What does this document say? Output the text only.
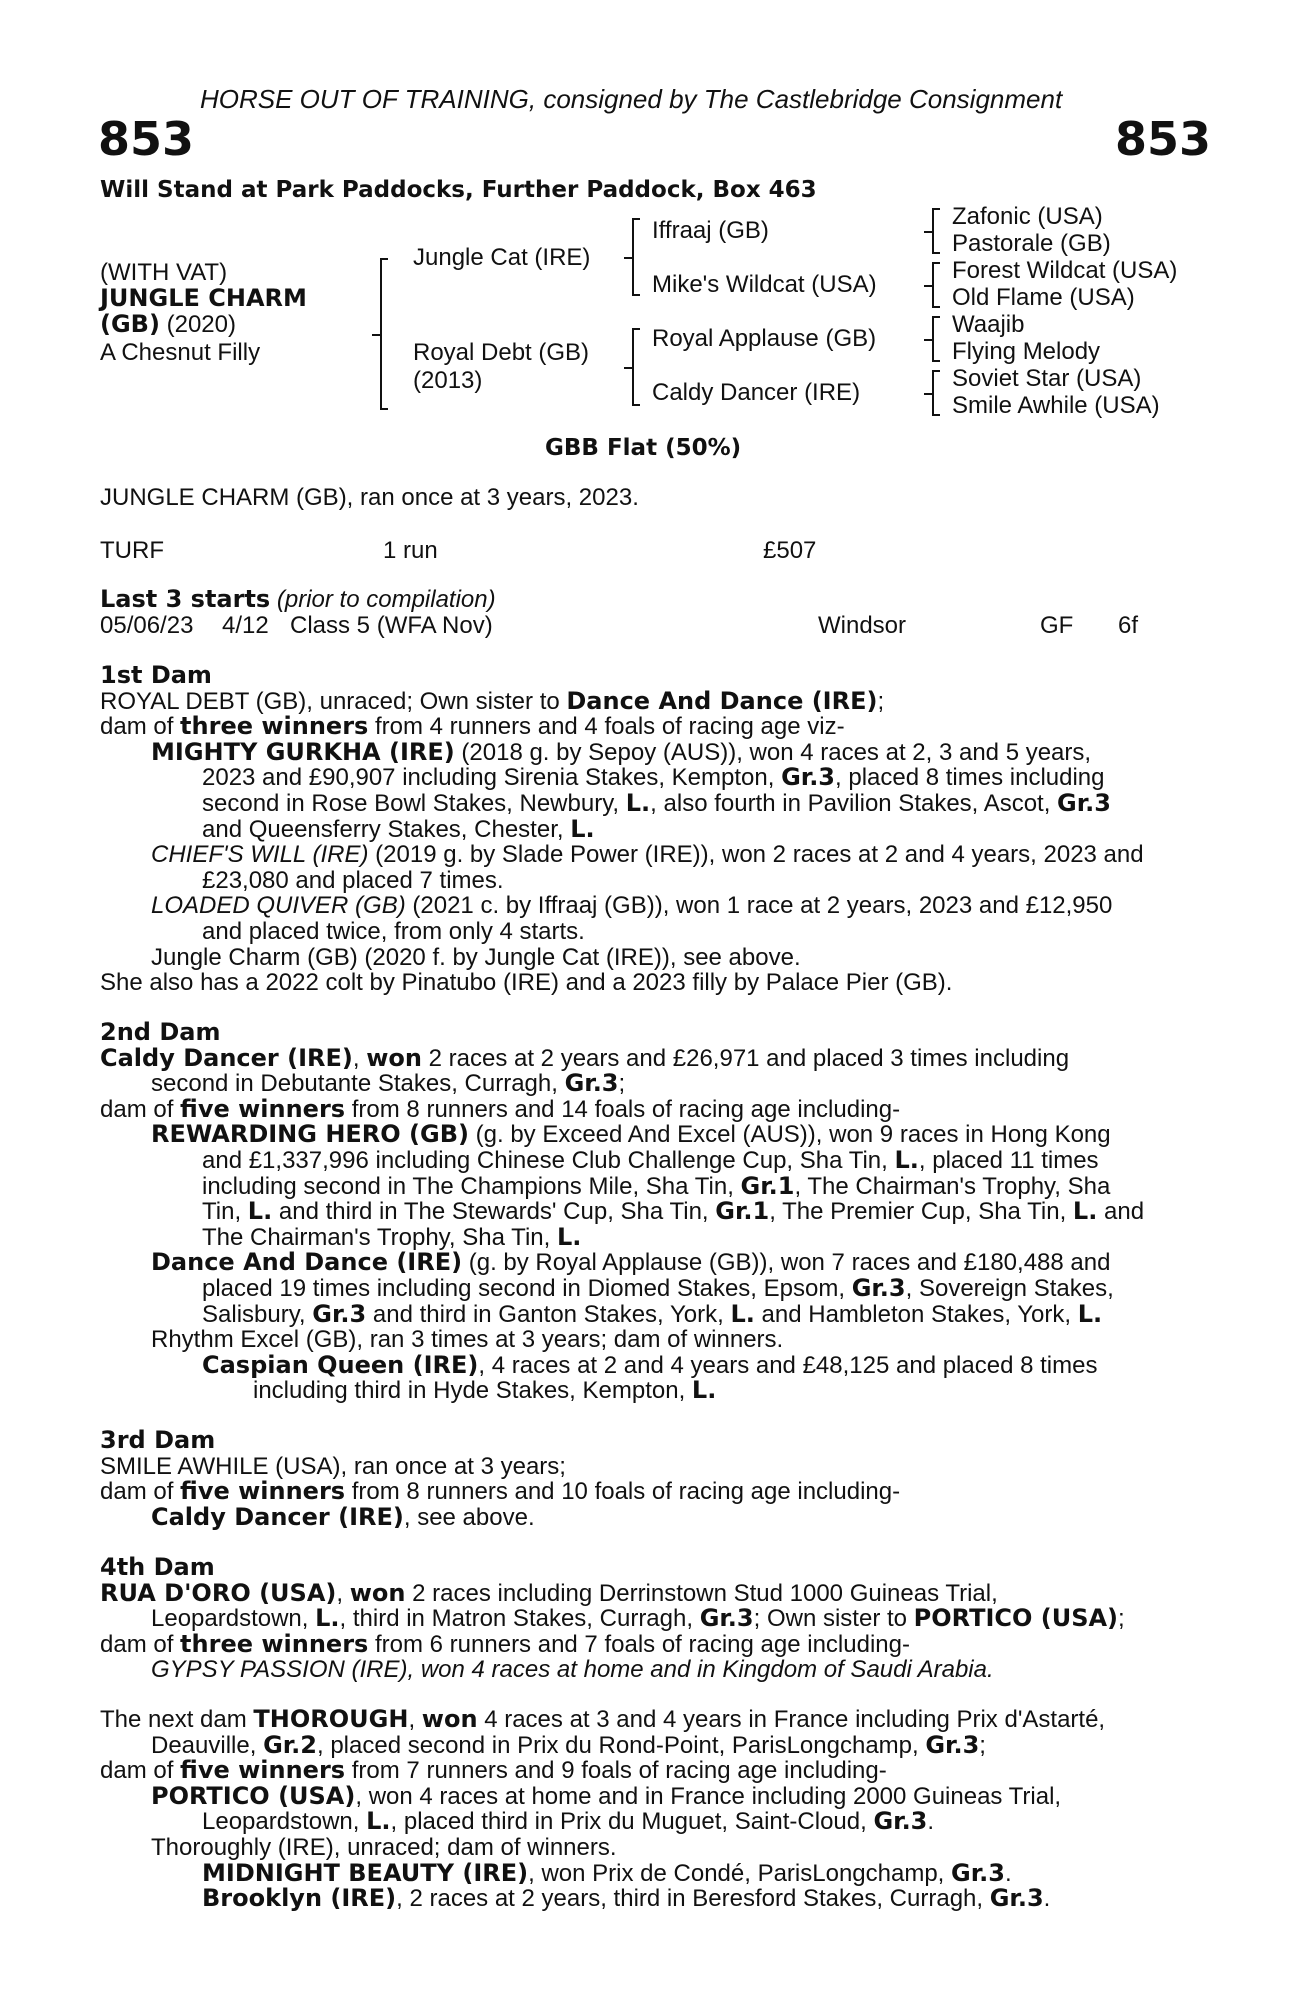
HORSE OUT OF TRAINING, consigned by The Castlebridge Consignment
853	853
Will Stand at Park Paddocks, Further Paddock, Box 463
(WITH VAT)
JUNGLE CHARM
(GB) (2020)
A Chesnut Filly
Jungle Cat (IRE)
Royal Debt (GB)
(2013)
Iffraaj (GB)
Mike's Wildcat (USA)
Royal Applause (GB)
Caldy Dancer (IRE)
Zafonic (USA)
Pastorale (GB)
Forest Wildcat (USA)
Old Flame (USA)
Waajib
Flying Melody
Soviet Star (USA)
Smile Awhile (USA)
GBB Flat (50%)
JUNGLE CHARM (GB), ran once at 3 years, 2023.
TURF	1 run	£507
Last 3 starts (prior to compilation)
05/06/23 4/12 Class 5 (WFA Nov)	Windsor	GF 6f
1st Dam
ROYAL DEBT (GB), unraced; Own sister to Dance And Dance (IRE);
dam of three winners from 4 runners and 4 foals of racing age viz-
MIGHTY GURKHA (IRE) (2018 g. by Sepoy (AUS)), won 4 races at 2, 3 and 5 years,
2023 and £90,907 including Sirenia Stakes, Kempton, Gr.3, placed 8 times including
second in Rose Bowl Stakes, Newbury, L., also fourth in Pavilion Stakes, Ascot, Gr.3
and Queensferry Stakes, Chester, L.
CHIEF'S WILL (IRE) (2019 g. by Slade Power (IRE)), won 2 races at 2 and 4 years, 2023 and
£23,080 and placed 7 times.
LOADED QUIVER (GB) (2021 c. by Iffraaj (GB)), won 1 race at 2 years, 2023 and £12,950
and placed twice, from only 4 starts.
Jungle Charm (GB) (2020 f. by Jungle Cat (IRE)), see above.
She also has a 2022 colt by Pinatubo (IRE) and a 2023 filly by Palace Pier (GB).
2nd Dam
Caldy Dancer (IRE), won 2 races at 2 years and £26,971 and placed 3 times including
second in Debutante Stakes, Curragh, Gr.3;
dam of five winners from 8 runners and 14 foals of racing age including-
REWARDING HERO (GB) (g. by Exceed And Excel (AUS)), won 9 races in Hong Kong
and £1,337,996 including Chinese Club Challenge Cup, Sha Tin, L., placed 11 times
including second in The Champions Mile, Sha Tin, Gr.1, The Chairman's Trophy, Sha
Tin, L. and third in The Stewards' Cup, Sha Tin, Gr.1, The Premier Cup, Sha Tin, L. and
The Chairman's Trophy, Sha Tin, L.
Dance And Dance (IRE) (g. by Royal Applause (GB)), won 7 races and £180,488 and
placed 19 times including second in Diomed Stakes, Epsom, Gr.3, Sovereign Stakes,
Salisbury, Gr.3 and third in Ganton Stakes, York, L. and Hambleton Stakes, York, L.
Rhythm Excel (GB), ran 3 times at 3 years; dam of winners.
Caspian Queen (IRE), 4 races at 2 and 4 years and £48,125 and placed 8 times
including third in Hyde Stakes, Kempton, L.
3rd Dam
SMILE AWHILE (USA), ran once at 3 years;
dam of five winners from 8 runners and 10 foals of racing age including-
Caldy Dancer (IRE), see above.
4th Dam
RUA D'ORO (USA), won 2 races including Derrinstown Stud 1000 Guineas Trial,
Leopardstown, L., third in Matron Stakes, Curragh, Gr.3; Own sister to PORTICO (USA);
dam of three winners from 6 runners and 7 foals of racing age including-
GYPSY PASSION (IRE), won 4 races at home and in Kingdom of Saudi Arabia.
The next dam THOROUGH, won 4 races at 3 and 4 years in France including Prix d'Astarté,
Deauville, Gr.2, placed second in Prix du Rond-Point, ParisLongchamp, Gr.3;
dam of five winners from 7 runners and 9 foals of racing age including-
PORTICO (USA), won 4 races at home and in France including 2000 Guineas Trial,
Leopardstown, L., placed third in Prix du Muguet, Saint-Cloud, Gr.3.
Thoroughly (IRE), unraced; dam of winners.
MIDNIGHT BEAUTY (IRE), won Prix de Condé, ParisLongchamp, Gr.3.
Brooklyn (IRE), 2 races at 2 years, third in Beresford Stakes, Curragh, Gr.3.
